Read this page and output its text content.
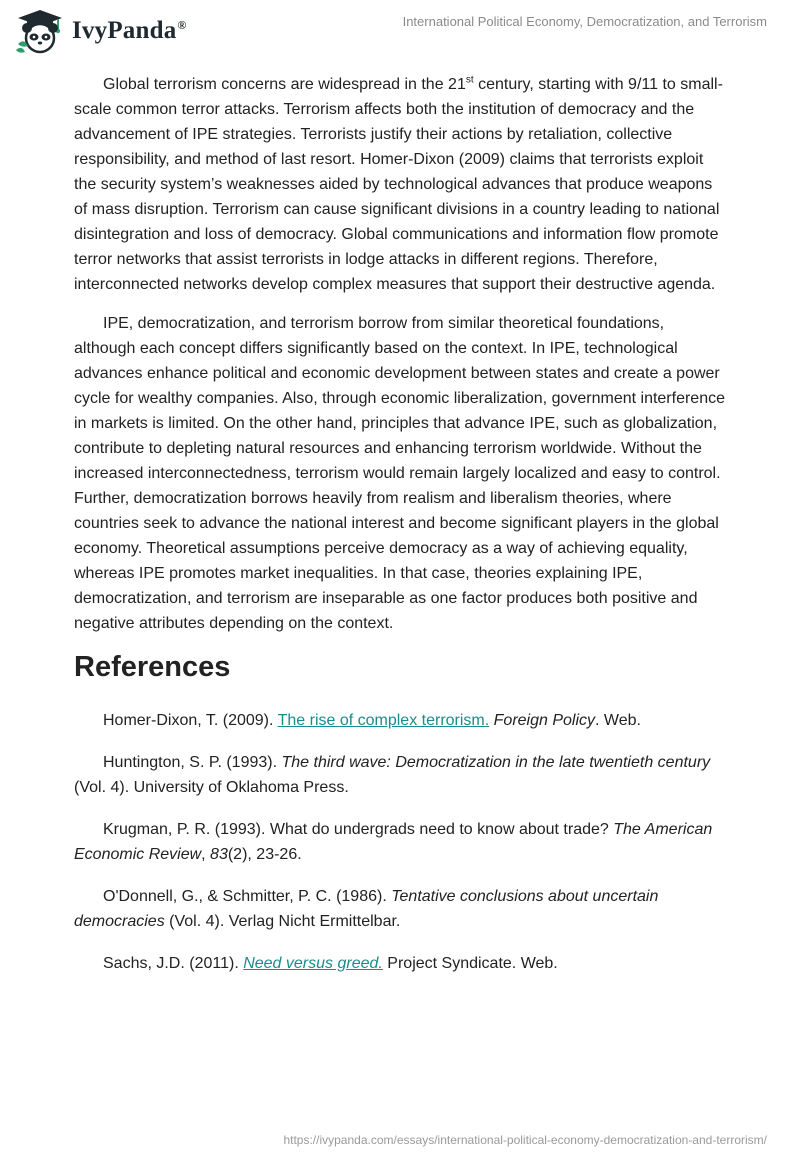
IvyPanda®	International Political Economy, Democratization, and Terrorism

Global terrorism concerns are widespread in the 21st century, starting with 9/11 to small-scale common terror attacks. Terrorism affects both the institution of democracy and the advancement of IPE strategies. Terrorists justify their actions by retaliation, collective responsibility, and method of last resort. Homer-Dixon (2009) claims that terrorists exploit the security system’s weaknesses aided by technological advances that produce weapons of mass disruption. Terrorism can cause significant divisions in a country leading to national disintegration and loss of democracy. Global communications and information flow promote terror networks that assist terrorists in lodge attacks in different regions. Therefore, interconnected networks develop complex measures that support their destructive agenda.

IPE, democratization, and terrorism borrow from similar theoretical foundations, although each concept differs significantly based on the context. In IPE, technological advances enhance political and economic development between states and create a power cycle for wealthy companies. Also, through economic liberalization, government interference in markets is limited. On the other hand, principles that advance IPE, such as globalization, contribute to depleting natural resources and enhancing terrorism worldwide. Without the increased interconnectedness, terrorism would remain largely localized and easy to control. Further, democratization borrows heavily from realism and liberalism theories, where countries seek to advance the national interest and become significant players in the global economy. Theoretical assumptions perceive democracy as a way of achieving equality, whereas IPE promotes market inequalities. In that case, theories explaining IPE, democratization, and terrorism are inseparable as one factor produces both positive and negative attributes depending on the context.

References

Homer-Dixon, T. (2009). The rise of complex terrorism. Foreign Policy. Web.

Huntington, S. P. (1993). The third wave: Democratization in the late twentieth century (Vol. 4). University of Oklahoma Press.

Krugman, P. R. (1993). What do undergrads need to know about trade? The American Economic Review, 83(2), 23-26.

O'Donnell, G., & Schmitter, P. C. (1986). Tentative conclusions about uncertain democracies (Vol. 4). Verlag Nicht Ermittelbar.

Sachs, J.D. (2011). Need versus greed. Project Syndicate. Web.

https://ivypanda.com/essays/international-political-economy-democratization-and-terrorism/
